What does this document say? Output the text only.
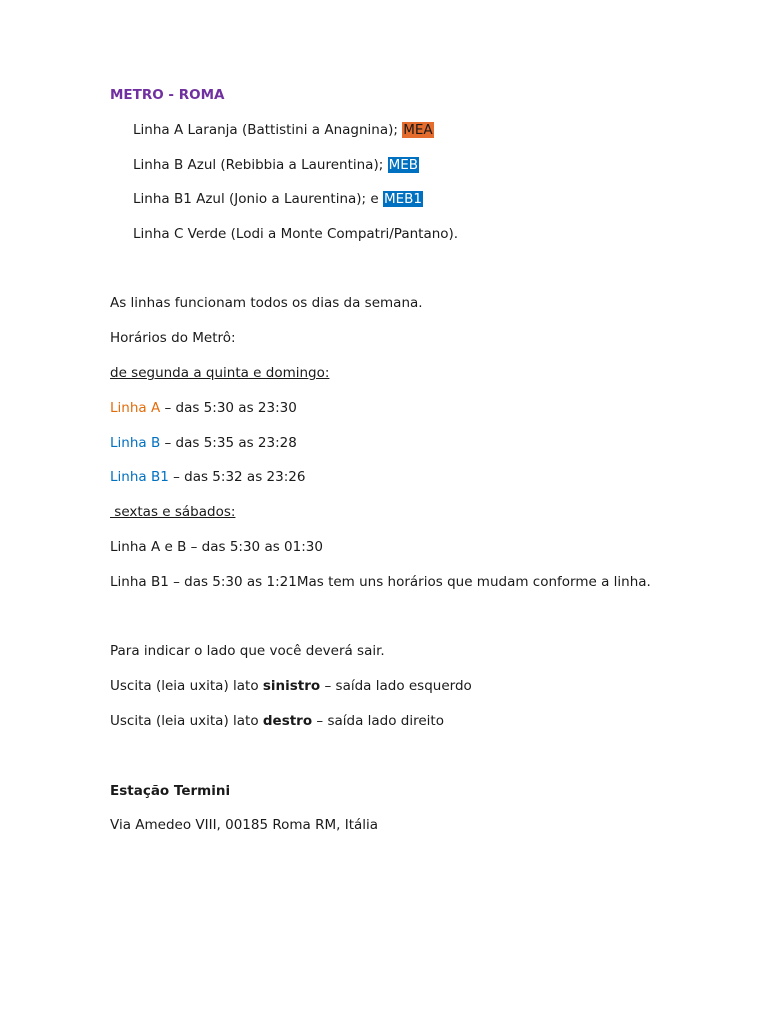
METRO - ROMA
Linha A Laranja (Battistini a Anagnina); MEA
Linha B Azul (Rebibbia a Laurentina); MEB
Linha B1 Azul (Jonio a Laurentina); e MEB1
Linha C Verde (Lodi a Monte Compatri/Pantano).
As linhas funcionam todos os dias da semana.
Horários do Metrô:
de segunda a quinta e domingo:
Linha A – das 5:30 as 23:30
Linha B – das 5:35 as 23:28
Linha B1 – das 5:32 as 23:26
sextas e sábados:
Linha A e B – das 5:30 as 01:30
Linha B1 – das 5:30 as 1:21Mas tem uns horários que mudam conforme a linha.
Para indicar o lado que você deverá sair.
Uscita (leia uxita) lato sinistro – saída lado esquerdo
Uscita (leia uxita) lato destro – saída lado direito
Estação Termini
Via Amedeo VIII, 00185 Roma RM, Itália
